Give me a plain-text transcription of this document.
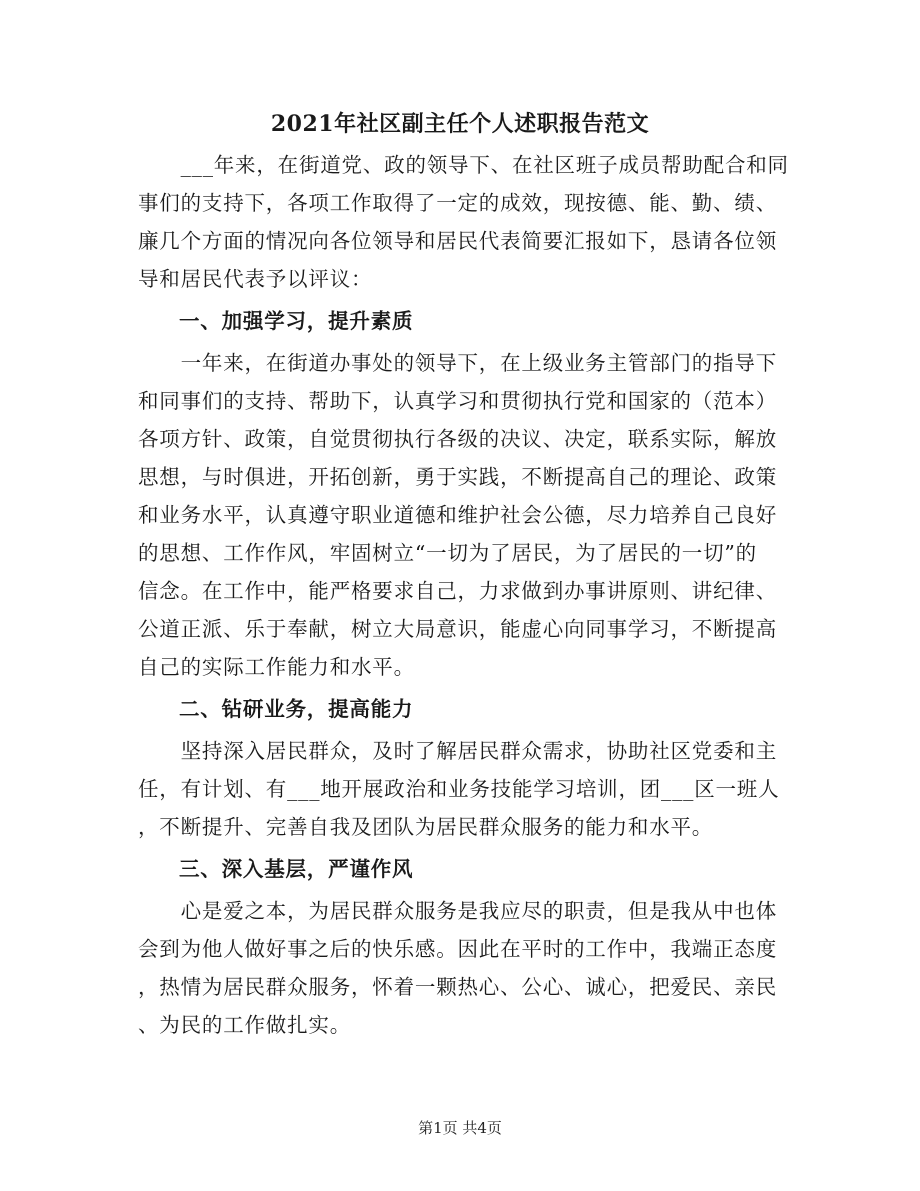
2021年社区副主任个人述职报告范文

　　___年来，在街道党、政的领导下、在社区班子成员帮助配合和同
事们的支持下，各项工作取得了一定的成效，现按德、能、勤、绩、
廉几个方面的情况向各位领导和居民代表简要汇报如下，恳请各位领
导和居民代表予以评议：

一、加强学习，提升素质

　　一年来，在街道办事处的领导下，在上级业务主管部门的指导下
和同事们的支持、帮助下，认真学习和贯彻执行党和国家的（范本）
各项方针、政策，自觉贯彻执行各级的决议、决定，联系实际，解放
思想，与时俱进，开拓创新，勇于实践，不断提高自己的理论、政策
和业务水平，认真遵守职业道德和维护社会公德，尽力培养自己良好
的思想、工作作风，牢固树立“一切为了居民，为了居民的一切”的
信念。在工作中，能严格要求自己，力求做到办事讲原则、讲纪律、
公道正派、乐于奉献，树立大局意识，能虚心向同事学习，不断提高
自己的实际工作能力和水平。

二、钻研业务，提高能力

　　坚持深入居民群众，及时了解居民群众需求，协助社区党委和主
任，有计划、有___地开展政治和业务技能学习培训，团___区一班人
，不断提升、完善自我及团队为居民群众服务的能力和水平。

三、深入基层，严谨作风

　　心是爱之本，为居民群众服务是我应尽的职责，但是我从中也体
会到为他人做好事之后的快乐感。因此在平时的工作中，我端正态度
，热情为居民群众服务，怀着一颗热心、公心、诚心，把爱民、亲民
、为民的工作做扎实。

第1页 共4页
